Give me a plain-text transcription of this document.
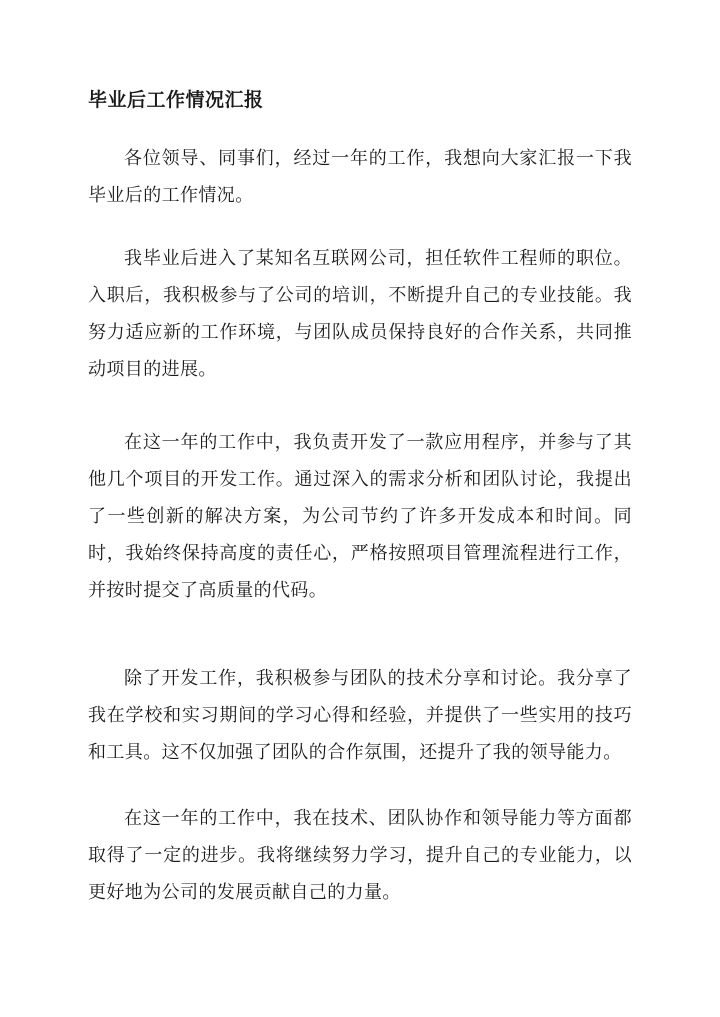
毕业后工作情况汇报

各位领导、同事们，经过一年的工作，我想向大家汇报一下我毕业后的工作情况。

我毕业后进入了某知名互联网公司，担任软件工程师的职位。入职后，我积极参与了公司的培训，不断提升自己的专业技能。我努力适应新的工作环境，与团队成员保持良好的合作关系，共同推动项目的进展。

在这一年的工作中，我负责开发了一款应用程序，并参与了其他几个项目的开发工作。通过深入的需求分析和团队讨论，我提出了一些创新的解决方案，为公司节约了许多开发成本和时间。同时，我始终保持高度的责任心，严格按照项目管理流程进行工作，并按时提交了高质量的代码。

除了开发工作，我积极参与团队的技术分享和讨论。我分享了我在学校和实习期间的学习心得和经验，并提供了一些实用的技巧和工具。这不仅加强了团队的合作氛围，还提升了我的领导能力。

在这一年的工作中，我在技术、团队协作和领导能力等方面都取得了一定的进步。我将继续努力学习，提升自己的专业能力，以更好地为公司的发展贡献自己的力量。
